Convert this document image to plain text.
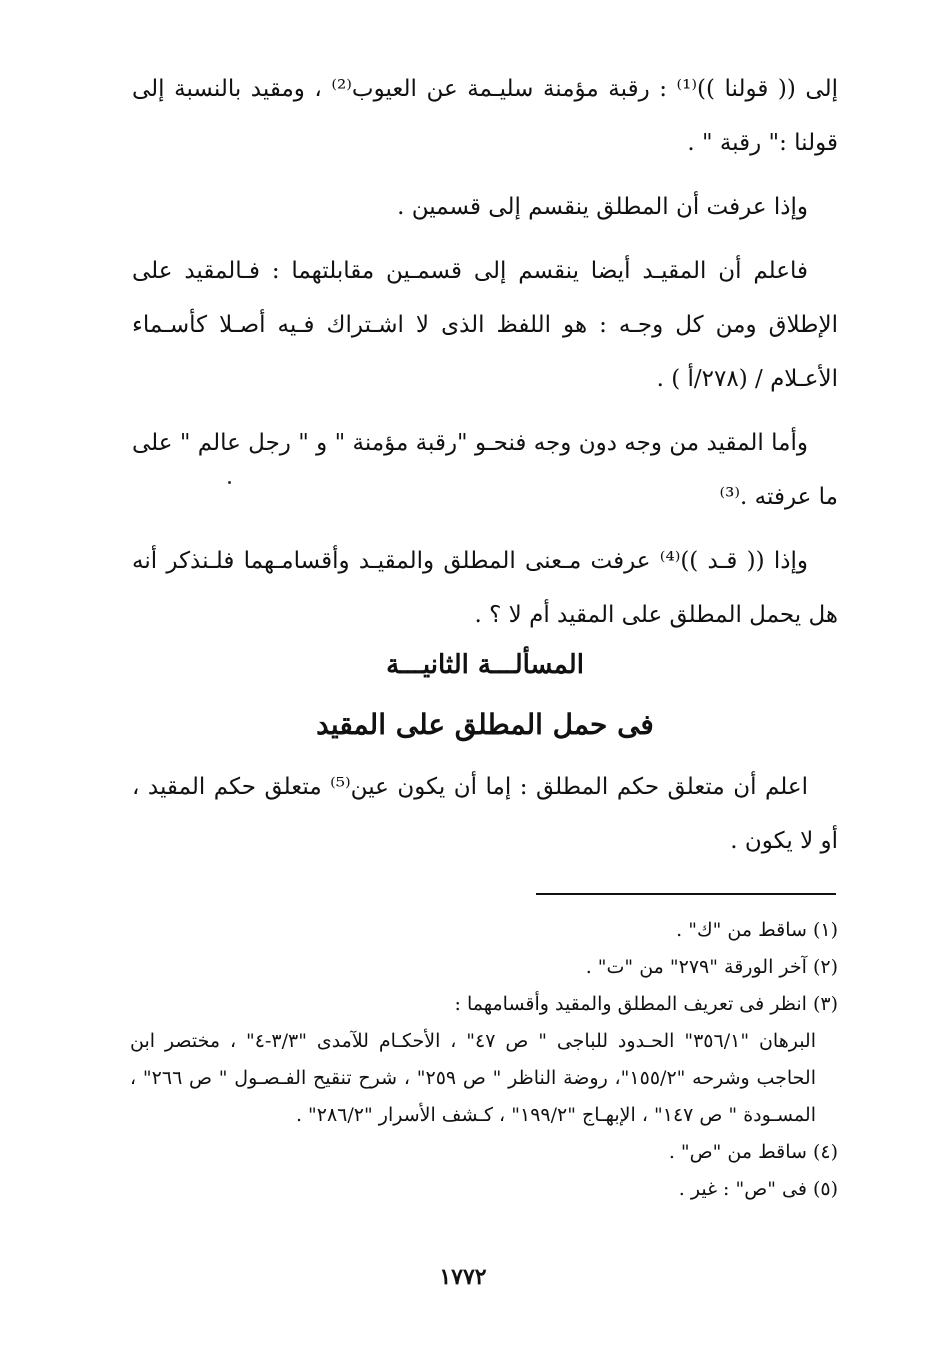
إلى (( قولنا ))⁽¹⁾ : رقبة مؤمنة سليـمة عن العيوب⁽²⁾ ، ومقيد بالنسبة إلى قولنا :" رقبة " .

وإذا عرفت أن المطلق ينقسم إلى قسمين .

فاعلم أن المقيـد أيضا ينقسم إلى قسمـين مقابلتهما : فـالمقيد على الإطلاق ومن كل وجـه : هو اللفظ الذى لا اشـتراك فـيه أصـلا كأسـماء الأعـلام / (٢٧٨/أ ) .

وأما المقيد من وجه دون وجه فنحـو "رقبة مؤمنة " و " رجل عالم " على ما عرفته .⁽³⁾

وإذا (( قـد ))⁽⁴⁾ عرفت مـعنى المطلق والمقيـد وأقسامـهما فلـنذكر أنه هل يحمل المطلق على المقيد أم لا ؟ .

المسألـــة الثانيـــة
فى حمل المطلق على المقيد

اعلم أن متعلق حكم المطلق : إما أن يكون عين⁽⁵⁾ متعلق حكم المقيد ، أو لا يكون .

(١) ساقط من "ك" .

(٢) آخر الورقة "٢٧٩" من "ت" .

(٣) انظر فى تعريف المطلق والمقيد وأقسامهما :

البرهان "٣٥٦/١" الحـدود للباجى " ص ٤٧" ، الأحكـام للآمدى "٣/٣-٤" ، مختصر ابن الحاجب وشرحه "١٥٥/٢"، روضة الناظر " ص ٢٥٩" ، شرح تنقيح الفـصـول " ص ٢٦٦" ، المسـودة " ص ١٤٧" ، الإبهـاج "١٩٩/٢" ، كـشف الأسرار "٢٨٦/٢" .

(٤) ساقط من "ص" .

(٥) فى "ص" : غير .

١٧٧٢
